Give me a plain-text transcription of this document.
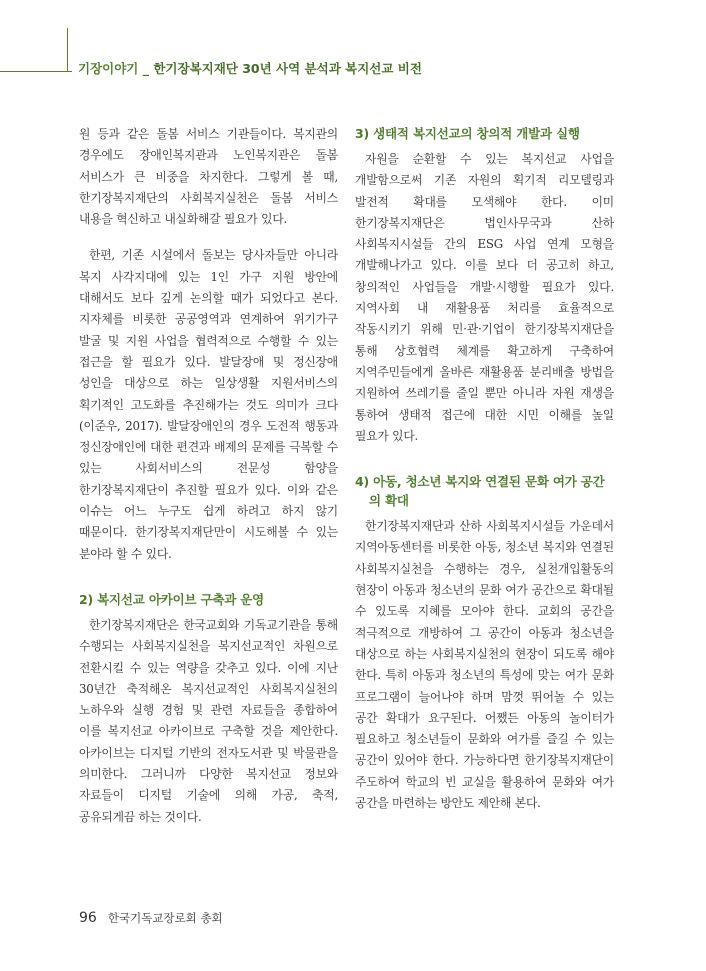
기장이야기 _ 한기장복지재단 30년 사역 분석과 복지선교 비전

원 등과 같은 돌봄 서비스 기관들이다. 복지관의 경우에도 장애인복지관과 노인복지관은 돌봄 서비스가 큰 비중을 차지한다. 그렇게 볼 때, 한기장복지재단의 사회복지실천은 돌봄 서비스 내용을 혁신하고 내실화해갈 필요가 있다.

한편, 기존 시설에서 돌보는 당사자들만 아니라 복지 사각지대에 있는 1인 가구 지원 방안에 대해서도 보다 깊게 논의할 때가 되었다고 본다. 지자체를 비롯한 공공영역과 연계하여 위기가구 발굴 및 지원 사업을 협력적으로 수행할 수 있는 접근을 할 필요가 있다. 발달장애 및 정신장애 성인을 대상으로 하는 일상생활 지원서비스의 획기적인 고도화를 추진해가는 것도 의미가 크다(이준우, 2017). 발달장애인의 경우 도전적 행동과 정신장애인에 대한 편견과 배제의 문제를 극복할 수 있는 사회서비스의 전문성 함양을 한기장복지재단이 추진할 필요가 있다. 이와 같은 이슈는 어느 누구도 쉽게 하려고 하지 않기 때문이다. 한기장복지재단만이 시도해볼 수 있는 분야라 할 수 있다.

2) 복지선교 아카이브 구축과 운영

한기장복지재단은 한국교회와 기독교기관을 통해 수행되는 사회복지실천을 복지선교적인 차원으로 전환시킬 수 있는 역량을 갖추고 있다. 이에 지난 30년간 축적해온 복지선교적인 사회복지실천의 노하우와 실행 경험 및 관련 자료들을 종합하여 이를 복지선교 아카이브로 구축할 것을 제안한다. 아카이브는 디지털 기반의 전자도서관 및 박물관을 의미한다. 그러니까 다양한 복지선교 정보와 자료들이 디지털 기술에 의해 가공, 축적, 공유되게끔 하는 것이다.

3) 생태적 복지선교의 창의적 개발과 실행

자원을 순환할 수 있는 복지선교 사업을 개발함으로써 기존 자원의 획기적 리모델링과 발전적 확대를 모색해야 한다. 이미 한기장복지재단은 법인사무국과 산하 사회복지시설들 간의 ESG 사업 연계 모형을 개발해나가고 있다. 이를 보다 더 공고히 하고, 창의적인 사업들을 개발·시행할 필요가 있다. 지역사회 내 재활용품 처리를 효율적으로 작동시키기 위해 민·관·기업이 한기장복지재단을 통해 상호협력 체계를 확고하게 구축하여 지역주민들에게 올바른 재활용품 분리배출 방법을 지원하여 쓰레기를 줄일 뿐만 아니라 자원 재생을 통하여 생태적 접근에 대한 시민 이해를 높일 필요가 있다.

4) 아동, 청소년 복지와 연결된 문화 여가 공간의 확대

한기장복지재단과 산하 사회복지시설들 가운데서 지역아동센터를 비롯한 아동, 청소년 복지와 연결된 사회복지실천을 수행하는 경우, 실천개입활동의 현장이 아동과 청소년의 문화 여가 공간으로 확대될 수 있도록 지혜를 모아야 한다. 교회의 공간을 적극적으로 개방하여 그 공간이 아동과 청소년을 대상으로 하는 사회복지실천의 현장이 되도록 해야 한다. 특히 아동과 청소년의 특성에 맞는 여가 문화 프로그램이 늘어나야 하며 맘껏 뛰어놀 수 있는 공간 확대가 요구된다. 어쨌든 아동의 놀이터가 필요하고 청소년들이 문화와 여가를 즐길 수 있는 공간이 있어야 한다. 가능하다면 한기장복지재단이 주도하여 학교의 빈 교실을 활용하여 문화와 여가 공간을 마련하는 방안도 제안해 본다.

96 한국기독교장로회 총회
